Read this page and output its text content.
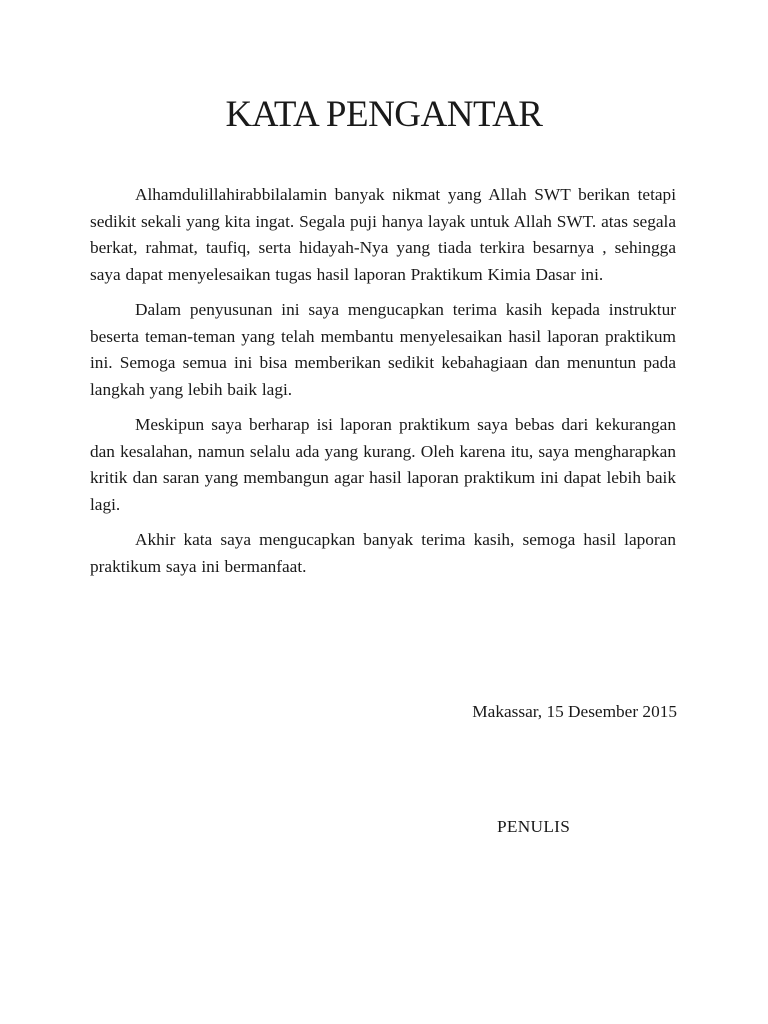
KATA PENGANTAR

Alhamdulillahirabbilalamin banyak nikmat yang Allah SWT berikan tetapi sedikit sekali yang kita ingat. Segala puji hanya layak untuk Allah SWT. atas segala berkat, rahmat, taufiq, serta hidayah-Nya yang tiada terkira besarnya , sehingga saya dapat menyelesaikan tugas hasil laporan Praktikum Kimia Dasar ini.

Dalam penyusunan ini saya mengucapkan terima kasih kepada instruktur beserta teman-teman yang telah membantu menyelesaikan hasil laporan praktikum ini. Semoga semua ini bisa memberikan sedikit kebahagiaan dan menuntun pada langkah yang lebih baik lagi.

Meskipun saya berharap isi laporan praktikum saya bebas dari kekurangan dan kesalahan, namun selalu ada yang kurang. Oleh karena itu, saya mengharapkan kritik dan saran yang membangun agar hasil laporan praktikum ini dapat lebih baik lagi.

Akhir kata saya mengucapkan banyak terima kasih, semoga hasil laporan praktikum saya ini bermanfaat.

Makassar, 15 Desember 2015
PENULIS
